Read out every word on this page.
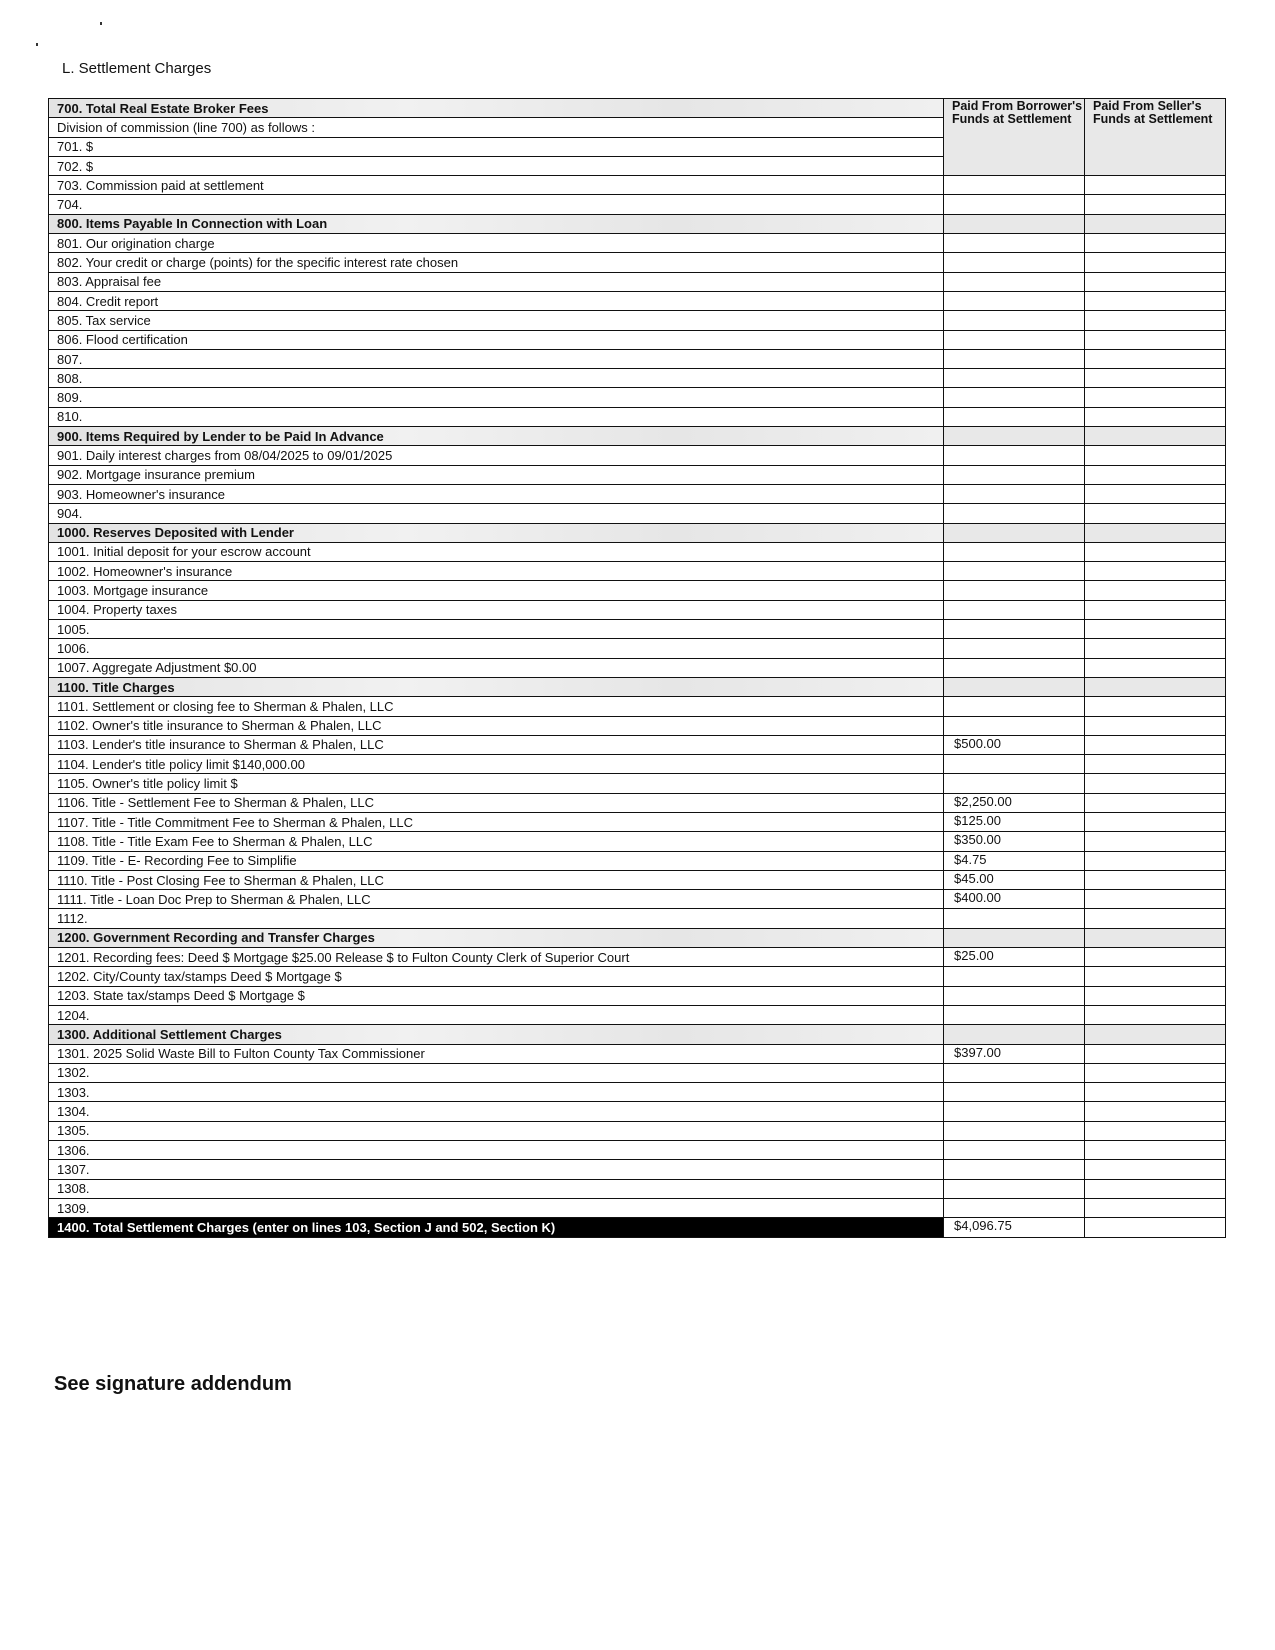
L. Settlement Charges
700. Total Real Estate Broker Fees	Paid From Borrower's Funds at Settlement	Paid From Seller's Funds at Settlement
Division of commission (line 700) as follows :		
701. $		
702. $		
703. Commission paid at settlement		
704.		
800. Items Payable In Connection with Loan		
801. Our origination charge		
802. Your credit or charge (points) for the specific interest rate chosen		
803. Appraisal fee		
804. Credit report		
805. Tax service		
806. Flood certification		
807.		
808.		
809.		
810.		
900. Items Required by Lender to be Paid In Advance		
901. Daily interest charges from 08/04/2025 to 09/01/2025		
902. Mortgage insurance premium		
903. Homeowner's insurance		
904.		
1000. Reserves Deposited with Lender		
1001. Initial deposit for your escrow account		
1002. Homeowner's insurance		
1003. Mortgage insurance		
1004. Property taxes		
1005.		
1006.		
1007. Aggregate Adjustment $0.00		
1100. Title Charges		
1101. Settlement or closing fee to Sherman & Phalen, LLC		
1102. Owner's title insurance to Sherman & Phalen, LLC		
1103. Lender's title insurance to Sherman & Phalen, LLC	$500.00	
1104. Lender's title policy limit $140,000.00		
1105. Owner's title policy limit $		
1106. Title - Settlement Fee to Sherman & Phalen, LLC	$2,250.00	
1107. Title - Title Commitment Fee to Sherman & Phalen, LLC	$125.00	
1108. Title - Title Exam Fee to Sherman & Phalen, LLC	$350.00	
1109. Title - E- Recording Fee to Simplifie	$4.75	
1110. Title - Post Closing Fee to Sherman & Phalen, LLC	$45.00	
1111. Title - Loan Doc Prep to Sherman & Phalen, LLC	$400.00	
1112.		
1200. Government Recording and Transfer Charges		
1201. Recording fees: Deed $ Mortgage $25.00 Release $ to Fulton County Clerk of Superior Court	$25.00	
1202. City/County tax/stamps Deed $ Mortgage $		
1203. State tax/stamps Deed $ Mortgage $		
1204.		
1300. Additional Settlement Charges		
1301. 2025 Solid Waste Bill to Fulton County Tax Commissioner	$397.00	
1302.		
1303.		
1304.		
1305.		
1306.		
1307.		
1308.		
1309.		
1400. Total Settlement Charges (enter on lines 103, Section J and 502, Section K)	$4,096.75	
See signature addendum
